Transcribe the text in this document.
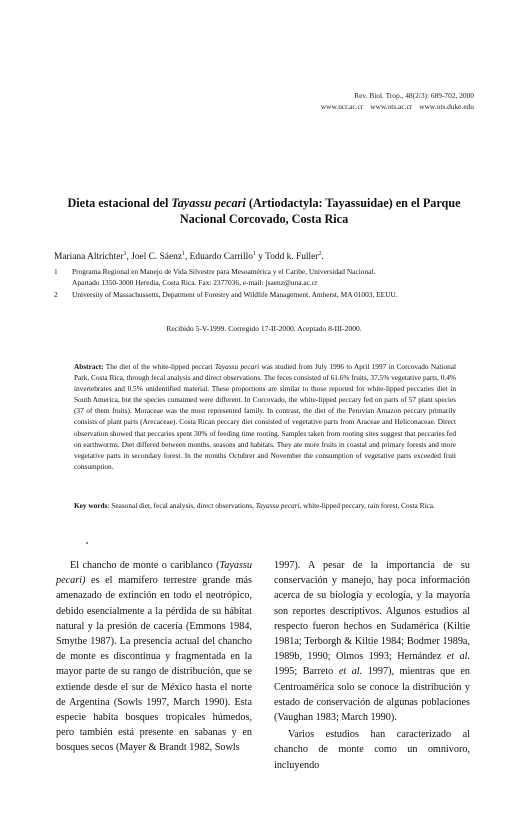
Rev. Biol. Trop., 48(2/3): 689-702, 2000
www.ucr.ac.cr www.ots.ac.cr www.ots.duke.edu
Dieta estacional del Tayassu pecari (Artiodactyla: Tayassuidae) en el Parque
Nacional Corcovado, Costa Rica
Mariana Altrichter$^1$, Joel C. Sáenz$^1$, Eduardo Carrillo$^1$ y Todd k. Fuller$^2$.
1 Programa Regional en Manejo de Vida Silvestre para Mesoamérica y el Caribe, Universidad Nacional.
Apartado 1350-3000 Heredia, Costa Rica. Fax: 2377036, e-mail: jsaenz@una.ac.cr
2 University of Massachussetts, Depatment of Forestry and Wildlife Management. Amherst, MA 01003, EEUU.
Recibido 5-V-1999. Corregido 17-II-2000. Aceptado 8-III-2000.
Abstract: The diet of the white-lipped peccari Tayassu pecari was studied from July 1996 to April 1997 in Corcovado National Park, Costa Rica, through fecal analysis and direct observations. The feces consisted of 61.6% fruits, 37.5% vegetative parts, 0.4% invertebrates and 0.5% unidentified material. These proportions are similar to those reported for white-lipped peccaries diet in South America, but the species consumed were different. In Corcovado, the white-lipped peccary fed on parts of 57 plant species (37 of them fruits). Moraceae was the most represented family. In contrast, the diet of the Peruvian Amazon peccary primarily consists of plant parts (Arecaceae). Costa Rican peccary diet consisted of vegetative parts from Araceae and Heliconaceae. Direct observation showed that peccaries spent 30% of feeding time rooting. Samples taken from rooting sites suggest that peccaries fed on earthworms. Diet differed between months, seasons and habitats. They ate more fruits in coastal and primary forests and more vegetative parts in secondary forest. In the months Octubrer and November the consumption of vegetative parts exceeded fruit consumption.
Key words: Seasonal diet, fecal analysis, direct observations, Tayassu pecari, white-lipped peccary, rain forest, Costa Rica.

El chancho de monte o cariblanco (Tayassu pecari) es el mamífero terrestre grande más amenazado de extinción en todo el neotrópico, debido esencialmente a la pérdida de su hábitat natural y la presión de cacería (Emmons 1984, Smythe 1987). La presencia actual del chancho de monte es discontinua y fragmentada en la mayor parte de su rango de distribución, que se extiende desde el sur de México hasta el norte de Argentina (Sowls 1997, March 1990). Esta especie habita bosques tropicales húmedos, pero también está presente en sabanas y en bosques secos (Mayer & Brandt 1982, Sowls

1997). A pesar de la importancia de su conservación y manejo, hay poca información acerca de su biología y ecología, y la mayoría son reportes descriptivos. Algunos estudios al respecto fueron hechos en Sudamérica (Kiltie 1981a; Terborgh & Kiltie 1984; Bodmer 1989a, 1989b, 1990; Olmos 1993; Hernández et al. 1995; Barreto et al. 1997), mientras que en Centroamérica solo se conoce la distribución y estado de conservación de algunas poblaciones (Vaughan 1983; March 1990).

Varios estudios han caracterizado al chancho de monte como un omnívoro, incluyendo
